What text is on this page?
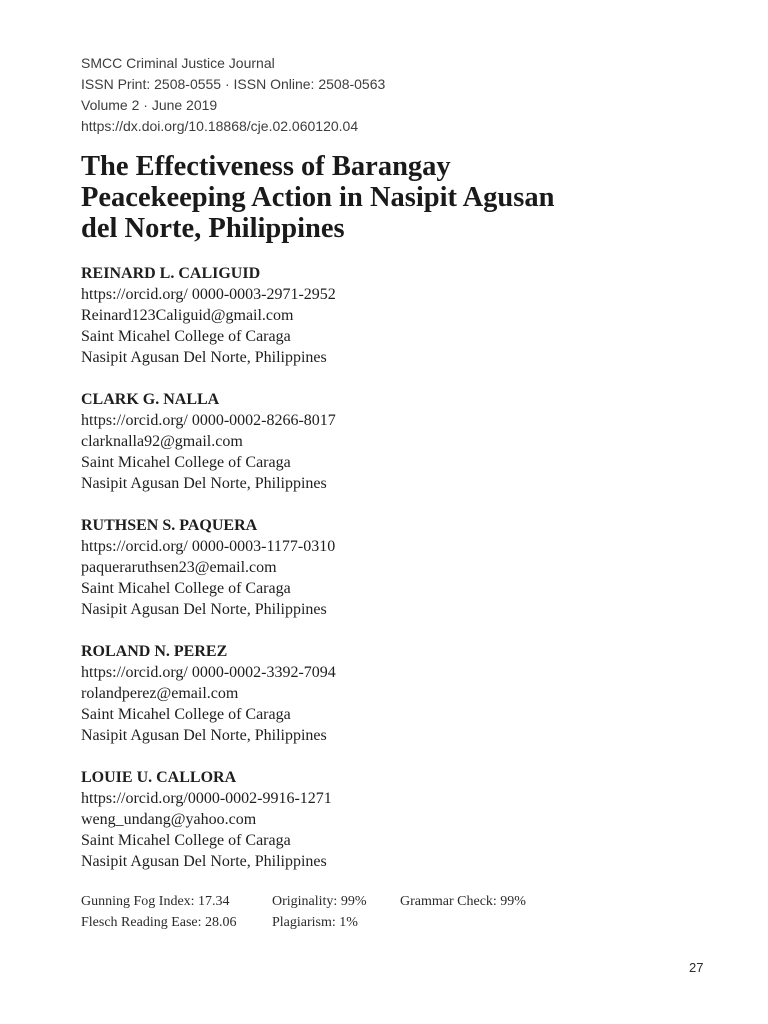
SMCC Criminal Justice Journal
ISSN Print: 2508-0555 · ISSN Online: 2508-0563
Volume 2 · June 2019
https://dx.doi.org/10.18868/cje.02.060120.04
The Effectiveness of Barangay
Peacekeeping Action in Nasipit Agusan
del Norte, Philippines
REINARD L. CALIGUID
https://orcid.org/ 0000-0003-2971-2952
Reinard123Caliguid@gmail.com
Saint Micahel College of Caraga
Nasipit Agusan Del Norte, Philippines
CLARK G. NALLA
https://orcid.org/ 0000-0002-8266-8017
clarknalla92@gmail.com
Saint Micahel College of Caraga
Nasipit Agusan Del Norte, Philippines
RUTHSEN S. PAQUERA
https://orcid.org/ 0000-0003-1177-0310
paqueraruthsen23@email.com
Saint Micahel College of Caraga
Nasipit Agusan Del Norte, Philippines
ROLAND N. PEREZ
https://orcid.org/ 0000-0002-3392-7094
rolandperez@email.com
Saint Micahel College of Caraga
Nasipit Agusan Del Norte, Philippines
LOUIE U. CALLORA
https://orcid.org/0000-0002-9916-1271
weng_undang@yahoo.com
Saint Micahel College of Caraga
Nasipit Agusan Del Norte, Philippines
Gunning Fog Index: 17.34	Originality: 99% Grammar Check: 99%
Flesch Reading Ease: 28.06	Plagiarism: 1%
27
